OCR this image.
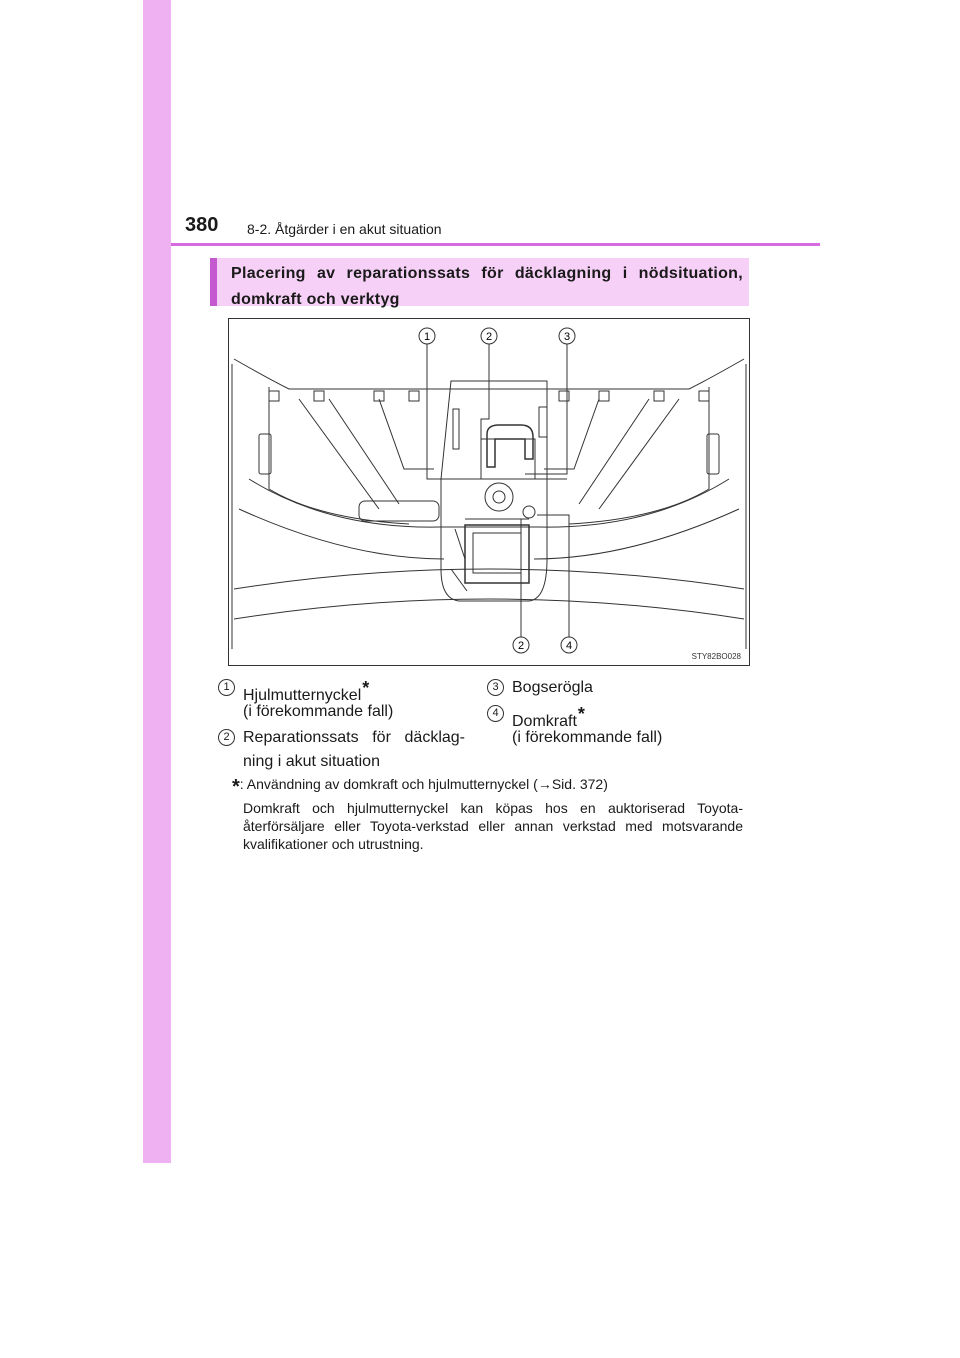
380 8-2. Åtgärder i en akut situation
Placering av reparationssats för däcklagning i nödsituation, domkraft och verktyg
1	2	3
2	4
STY82BO028
1 Hjulmutternyckel*
(i förekommande fall)
2 Reparationssats för däcklag-
ning i akut situation
3 Bogserögla
4 Domkraft*
(i förekommande fall)
*: Användning av domkraft och hjulmutternyckel (→Sid. 372)
Domkraft och hjulmutternyckel kan köpas hos en auktoriserad Toyota-återförsäljare eller Toyota-verkstad eller annan verkstad med motsvarande kvalifikationer och utrustning.
